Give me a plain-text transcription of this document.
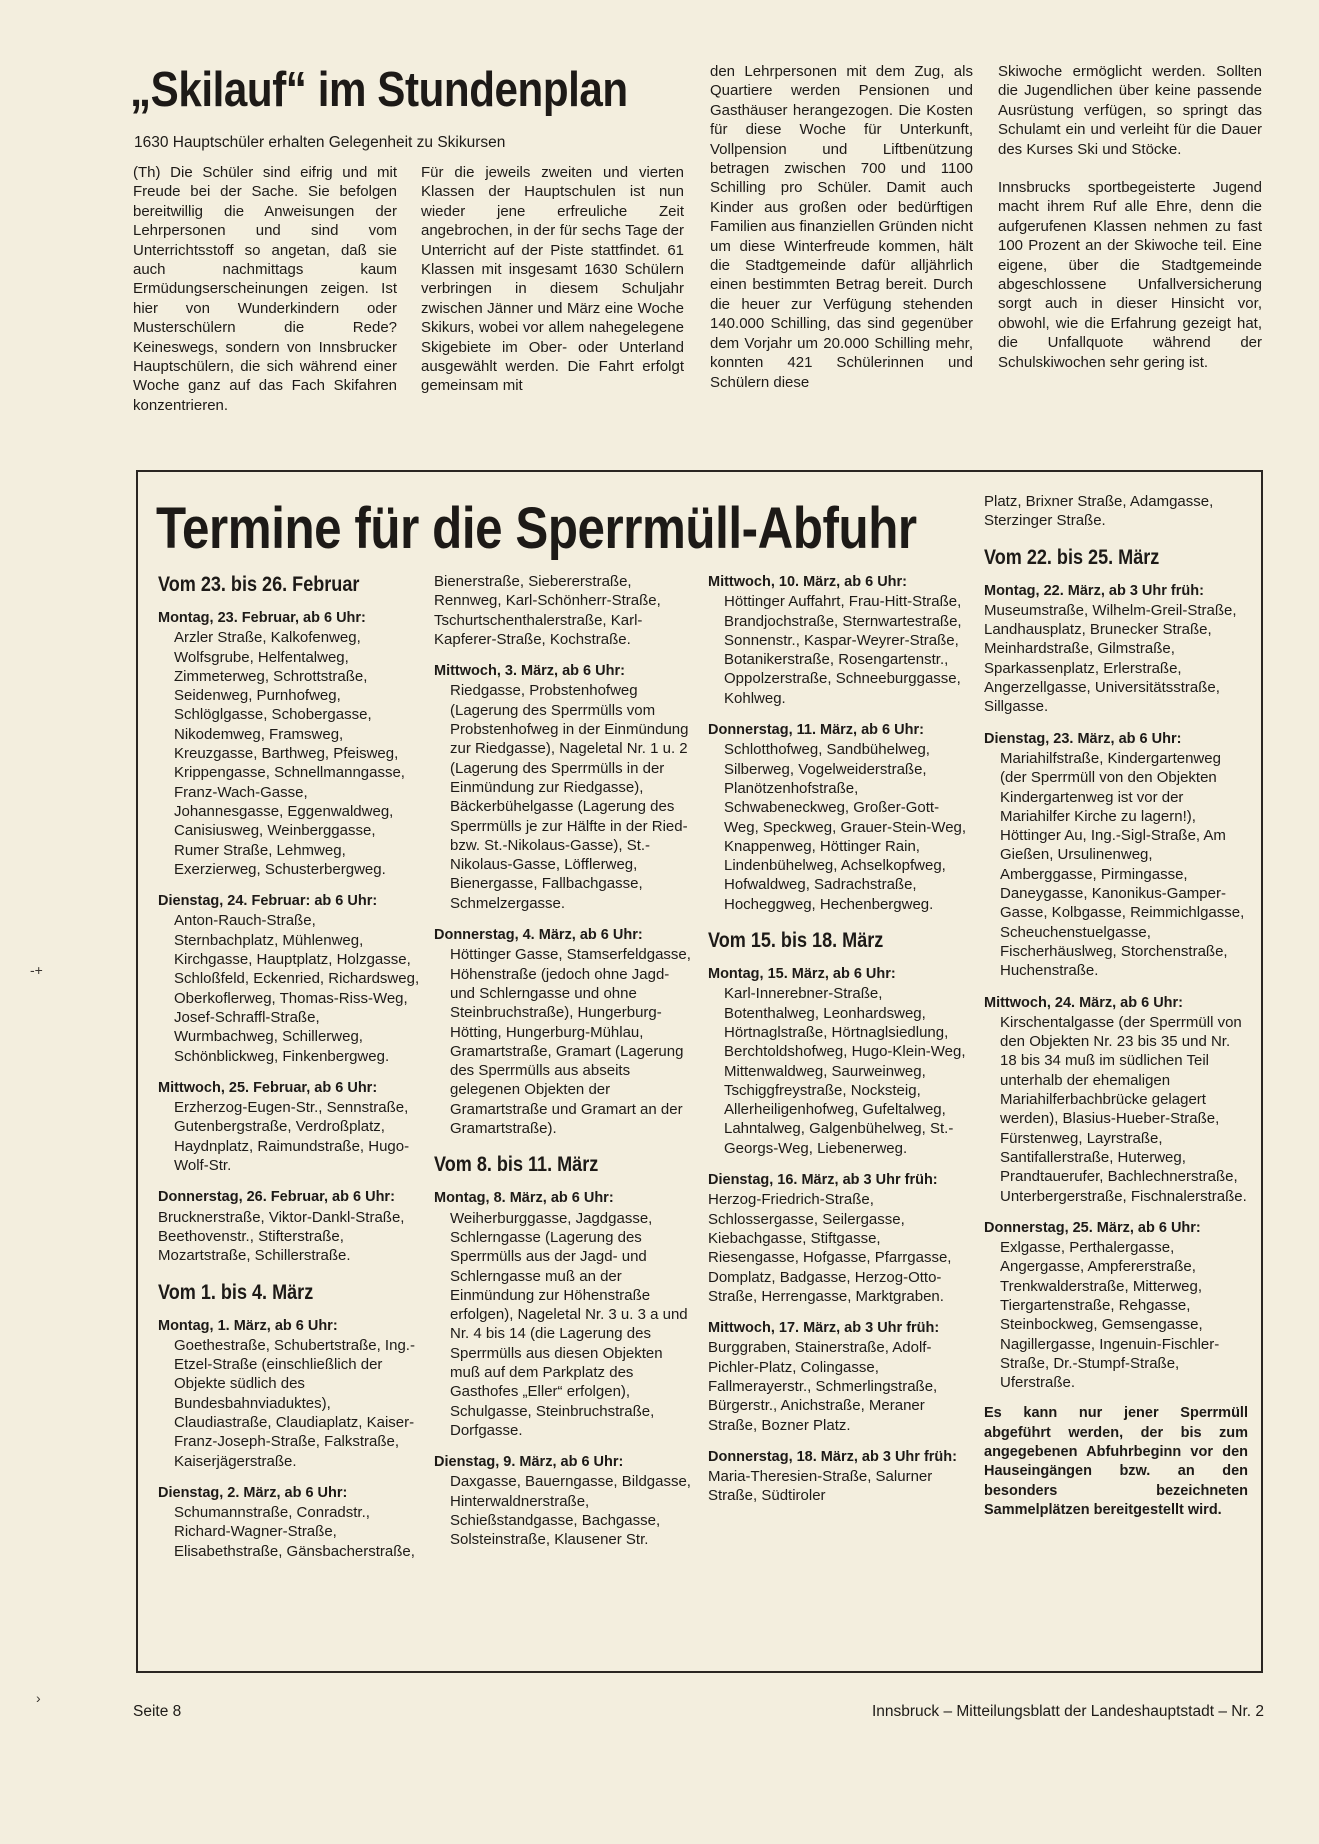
„Skilauf“ im Stundenplan
1630 Hauptschüler erhalten Gelegenheit zu Skikursen

(Th) Die Schüler sind eifrig und mit Freude bei der Sache. Sie befolgen bereitwillig die Anweisungen der Lehrpersonen und sind vom Unterrichtsstoff so angetan, daß sie auch nachmittags kaum Ermüdungserscheinungen zeigen. Ist hier von Wunderkindern oder Musterschülern die Rede? Keineswegs, sondern von Innsbrucker Hauptschülern, die sich während einer Woche ganz auf das Fach Skifahren konzentrieren.

Für die jeweils zweiten und vierten Klassen der Hauptschulen ist nun wieder jene erfreuliche Zeit angebrochen, in der für sechs Tage der Unterricht auf der Piste stattfindet. 61 Klassen mit insgesamt 1630 Schülern verbringen in diesem Schuljahr zwischen Jänner und März eine Woche Skikurs, wobei vor allem nahegelegene Skigebiete im Ober- oder Unterland ausgewählt werden. Die Fahrt erfolgt gemeinsam mit

den Lehrpersonen mit dem Zug, als Quartiere werden Pensionen und Gasthäuser herangezogen. Die Kosten für diese Woche für Unterkunft, Vollpension und Liftbenützung betragen zwischen 700 und 1100 Schilling pro Schüler. Damit auch Kinder aus großen oder bedürftigen Familien aus finanziellen Gründen nicht um diese Winterfreude kommen, hält die Stadtgemeinde dafür alljährlich einen bestimmten Betrag bereit. Durch die heuer zur Verfügung stehenden 140.000 Schilling, das sind gegenüber dem Vorjahr um 20.000 Schilling mehr, konnten 421 Schülerinnen und Schülern diese

Skiwoche ermöglicht werden. Sollten die Jugendlichen über keine passende Ausrüstung verfügen, so springt das Schulamt ein und verleiht für die Dauer des Kurses Ski und Stöcke.

Innsbrucks sportbegeisterte Jugend macht ihrem Ruf alle Ehre, denn die aufgerufenen Klassen nehmen zu fast 100 Prozent an der Skiwoche teil. Eine eigene, über die Stadtgemeinde abgeschlossene Unfallversicherung sorgt auch in dieser Hinsicht vor, obwohl, wie die Erfahrung gezeigt hat, die Unfallquote während der Schulskiwochen sehr gering ist.

Termine für die Sperrmüll-Abfuhr
Vom 23. bis 26. Februar
Montag, 23. Februar, ab 6 Uhr:
Arzler Straße, Kalkofenweg, Wolfsgrube, Helfentalweg, Zimmeterweg, Schrottstraße, Seidenweg, Purnhofweg, Schlöglgasse, Schobergasse, Nikodemweg, Framsweg, Kreuzgasse, Barthweg, Pfeisweg, Krippengasse, Schnellmanngasse, Franz-Wach-Gasse, Johannesgasse, Eggenwaldweg, Canisiusweg, Weinberggasse, Rumer Straße, Lehmweg, Exerzierweg, Schusterbergweg.
Dienstag, 24. Februar: ab 6 Uhr:
Anton-Rauch-Straße, Sternbachplatz, Mühlenweg, Kirchgasse, Hauptplatz, Holzgasse, Schloßfeld, Eckenried, Richardsweg, Oberkoflerweg, Thomas-Riss-Weg, Josef-Schraffl-Straße, Wurmbachweg, Schillerweg, Schönblickweg, Finkenbergweg.
Mittwoch, 25. Februar, ab 6 Uhr:
Erzherzog-Eugen-Str., Sennstraße, Gutenbergstraße, Verdroßplatz, Haydnplatz, Raimundstraße, Hugo-Wolf-Str.
Donnerstag, 26. Februar, ab 6 Uhr: Brucknerstraße, Viktor-Dankl-Straße, Beethovenstr., Stifterstraße, Mozartstraße, Schillerstraße.
Vom 1. bis 4. März
Montag, 1. März, ab 6 Uhr:
Goethestraße, Schubertstraße, Ing.-Etzel-Straße (einschließlich der Objekte südlich des Bundesbahnviaduktes), Claudiastraße, Claudiaplatz, Kaiser-Franz-Joseph-Straße, Falkstraße, Kaiserjägerstraße.
Dienstag, 2. März, ab 6 Uhr:
Schumannstraße, Conradstr., Richard-Wagner-Straße, Elisabethstraße, Gänsbacherstraße,
Bienerstraße, Siebererstraße, Rennweg, Karl-Schönherr-Straße, Tschurtschenthalerstraße, Karl-Kapferer-Straße, Kochstraße.
Mittwoch, 3. März, ab 6 Uhr:
Riedgasse, Probstenhofweg (Lagerung des Sperrmülls vom Probstenhofweg in der Einmündung zur Riedgasse), Nageletal Nr. 1 u. 2 (Lagerung des Sperrmülls in der Einmündung zur Riedgasse), Bäckerbühelgasse (Lagerung des Sperrmülls je zur Hälfte in der Ried- bzw. St.-Nikolaus-Gasse), St.-Nikolaus-Gasse, Löfflerweg, Bienergasse, Fallbachgasse, Schmelzergasse.
Donnerstag, 4. März, ab 6 Uhr:
Höttinger Gasse, Stamserfeldgasse, Höhenstraße (jedoch ohne Jagd- und Schlerngasse und ohne Steinbruchstraße), Hungerburg-Hötting, Hungerburg-Mühlau, Gramartstraße, Gramart (Lagerung des Sperrmülls aus abseits gelegenen Objekten der Gramartstraße und Gramart an der Gramartstraße).
Vom 8. bis 11. März
Montag, 8. März, ab 6 Uhr:
Weiherburggasse, Jagdgasse, Schlerngasse (Lagerung des Sperrmülls aus der Jagd- und Schlerngasse muß an der Einmündung zur Höhenstraße erfolgen), Nageletal Nr. 3 u. 3 a und Nr. 4 bis 14 (die Lagerung des Sperrmülls aus diesen Objekten muß auf dem Parkplatz des Gasthofes „Eller“ erfolgen), Schulgasse, Steinbruchstraße, Dorfgasse.
Dienstag, 9. März, ab 6 Uhr:
Daxgasse, Bauerngasse, Bildgasse, Hinterwaldnerstraße, Schießstandgasse, Bachgasse, Solsteinstraße, Klausener Str.
Mittwoch, 10. März, ab 6 Uhr:
Höttinger Auffahrt, Frau-Hitt-Straße, Brandjochstraße, Sternwartestraße, Sonnenstr., Kaspar-Weyrer-Straße, Botanikerstraße, Rosengartenstr., Oppolzerstraße, Schneeburggasse, Kohlweg.
Donnerstag, 11. März, ab 6 Uhr:
Schlotthofweg, Sandbühelweg, Silberweg, Vogelweiderstraße, Planötzenhofstraße, Schwabeneckweg, Großer-Gott-Weg, Speckweg, Grauer-Stein-Weg, Knappenweg, Höttinger Rain, Lindenbühelweg, Achselkopfweg, Hofwaldweg, Sadrachstraße, Hocheggweg, Hechenbergweg.
Vom 15. bis 18. März
Montag, 15. März, ab 6 Uhr:
Karl-Innerebner-Straße, Botenthalweg, Leonhardsweg, Hörtnaglstraße, Hörtnaglsiedlung, Berchtoldshofweg, Hugo-Klein-Weg, Mittenwaldweg, Saurweinweg, Tschiggfreystraße, Nocksteig, Allerheiligenhofweg, Gufeltalweg, Lahntalweg, Galgenbühelweg, St.-Georgs-Weg, Liebenerweg.
Dienstag, 16. März, ab 3 Uhr früh: Herzog-Friedrich-Straße, Schlossergasse, Seilergasse, Kiebachgasse, Stiftgasse, Riesengasse, Hofgasse, Pfarrgasse, Domplatz, Badgasse, Herzog-Otto-Straße, Herrengasse, Marktgraben.
Mittwoch, 17. März, ab 3 Uhr früh: Burggraben, Stainerstraße, Adolf-Pichler-Platz, Colingasse, Fallmerayerstr., Schmerlingstraße, Bürgerstr., Anichstraße, Meraner Straße, Bozner Platz.
Donnerstag, 18. März, ab 3 Uhr früh: Maria-Theresien-Straße, Salurner Straße, Südtiroler
Platz, Brixner Straße, Adamgasse, Sterzinger Straße.
Vom 22. bis 25. März
Montag, 22. März, ab 3 Uhr früh: Museumstraße, Wilhelm-Greil-Straße, Landhausplatz, Brunecker Straße, Meinhardstraße, Gilmstraße, Sparkassenplatz, Erlerstraße, Angerzellgasse, Universitätsstraße, Sillgasse.
Dienstag, 23. März, ab 6 Uhr:
Mariahilfstraße, Kindergartenweg (der Sperrmüll von den Objekten Kindergartenweg ist vor der Mariahilfer Kirche zu lagern!), Höttinger Au, Ing.-Sigl-Straße, Am Gießen, Ursulinenweg, Amberggasse, Pirmingasse, Daneygasse, Kanonikus-Gamper-Gasse, Kolbgasse, Reimmichlgasse, Scheuchenstuelgasse, Fischerhäuslweg, Storchenstraße, Huchenstraße.
Mittwoch, 24. März, ab 6 Uhr:
Kirschentalgasse (der Sperrmüll von den Objekten Nr. 23 bis 35 und Nr. 18 bis 34 muß im südlichen Teil unterhalb der ehemaligen Mariahilferbachbrücke gelagert werden), Blasius-Hueber-Straße, Fürstenweg, Layrstraße, Santifallerstraße, Huterweg, Prandtauerufer, Bachlechnerstraße, Unterbergerstraße, Fischnalerstraße.
Donnerstag, 25. März, ab 6 Uhr:
Exlgasse, Perthalergasse, Angergasse, Ampfererstraße, Trenkwalderstraße, Mitterweg, Tiergartenstraße, Rehgasse, Steinbockweg, Gemsengasse, Nagillergasse, Ingenuin-Fischler-Straße, Dr.-Stumpf-Straße, Uferstraße.
Es kann nur jener Sperrmüll abgeführt werden, der bis zum angegebenen Abfuhrbeginn vor den Hauseingängen bzw. an den besonders bezeichneten Sammelplätzen bereitgestellt wird.
-+
›
Seite 8	Innsbruck – Mitteilungsblatt der Landeshauptstadt – Nr. 2
